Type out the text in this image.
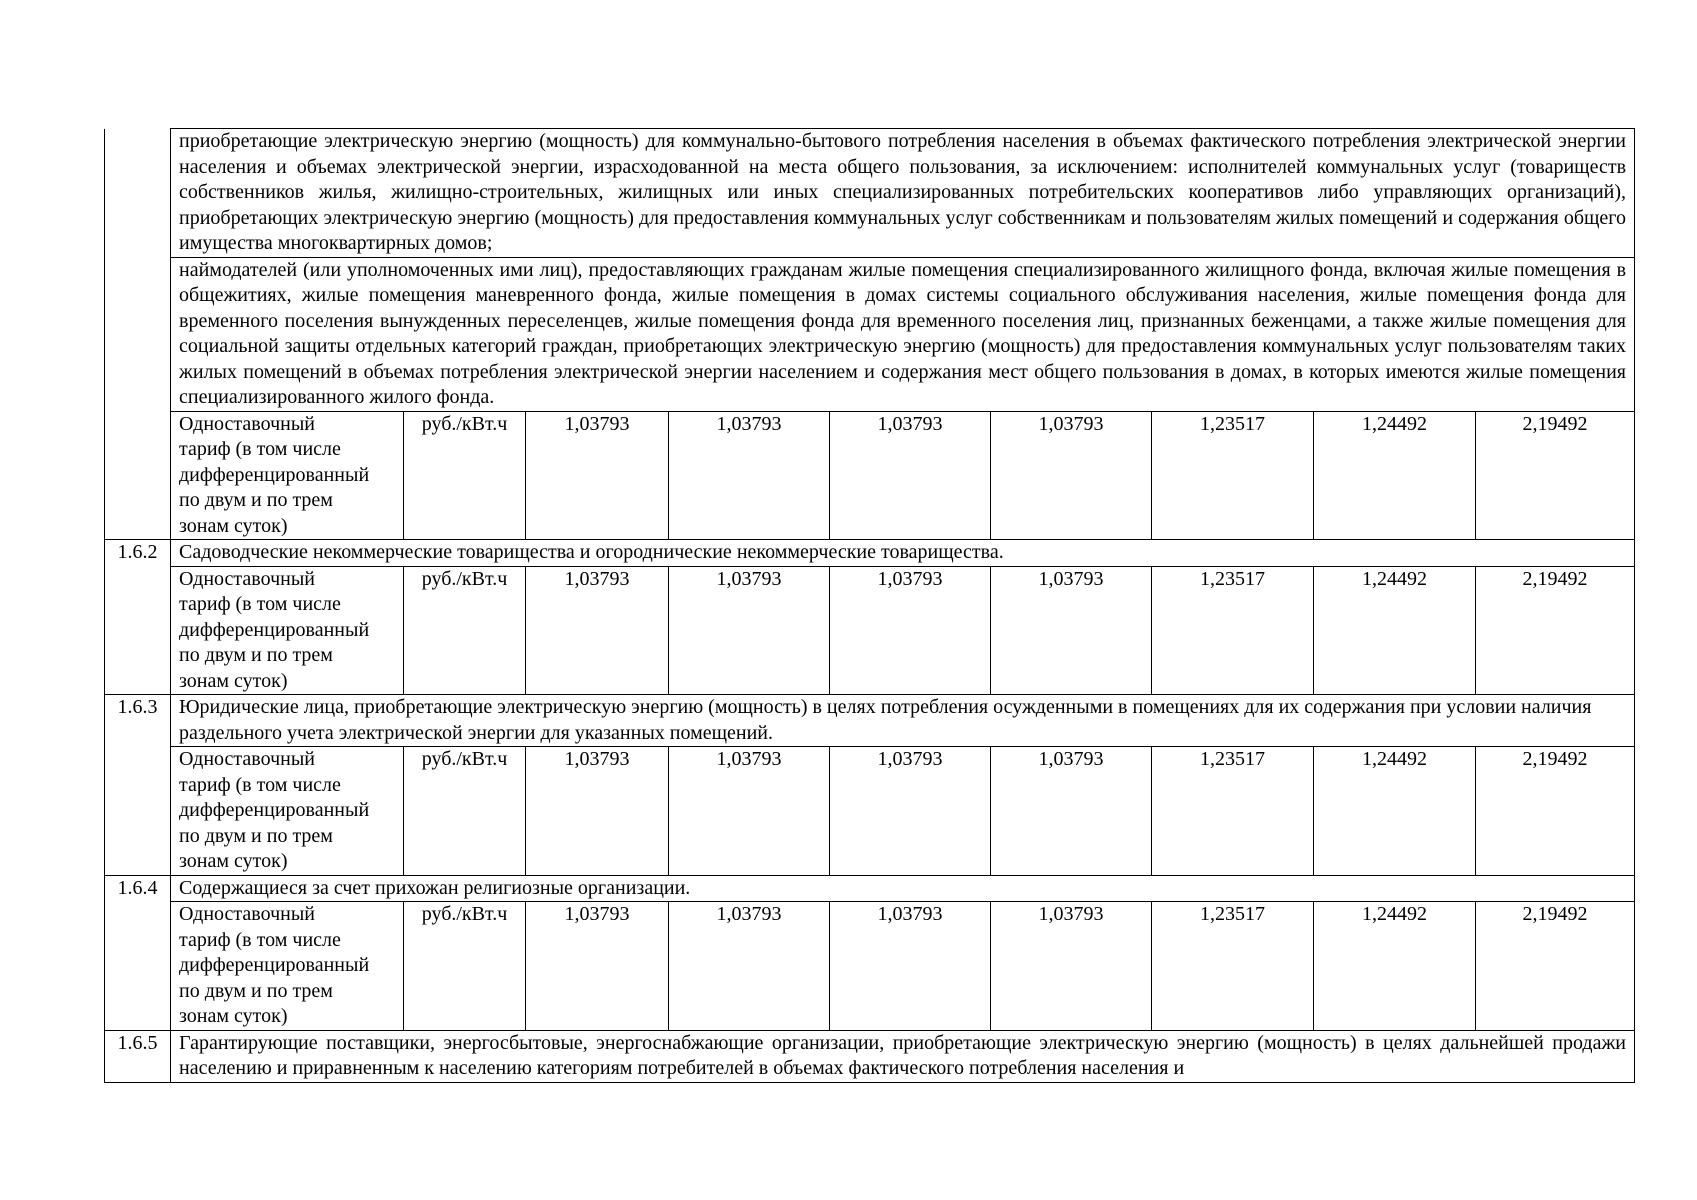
	приобретающие электрическую энергию (мощность) для коммунально-бытового потребления населения в объемах фактического потребления электрической энергии населения и объемах электрической энергии, израсходованной на места общего пользования, за исключением: исполнителей коммунальных услуг (товариществ собственников жилья, жилищно-строительных, жилищных или иных специализированных потребительских кооперативов либо управляющих организаций), приобретающих электрическую энергию (мощность) для предоставления коммунальных услуг собственникам и пользователям жилых помещений и содержания общего имущества многоквартирных домов;								
	наймодателей (или уполномоченных ими лиц), предоставляющих гражданам жилые помещения специализированного жилищного фонда, включая жилые помещения в общежитиях, жилые помещения маневренного фонда, жилые помещения в домах системы социального обслуживания населения, жилые помещения фонда для временного поселения вынужденных переселенцев, жилые помещения фонда для временного поселения лиц, признанных беженцами, а также жилые помещения для социальной защиты отдельных категорий граждан, приобретающих электрическую энергию (мощность) для предоставления коммунальных услуг пользователям таких жилых помещений в объемах потребления электрической энергии населением и содержания мест общего пользования в домах, в которых имеются жилые помещения специализированного жилого фонда.								

	Одноставочный
тариф (в том числе
дифференцированный
по двум и по трем
зонам суток)	руб./кВт.ч	1,03793	1,03793	1,03793	1,03793	1,23517	1,24492	2,19492
1.6.2	Садоводческие некоммерческие товарищества и огороднические некоммерческие товарищества.								

	Одноставочный
тариф (в том числе
дифференцированный
по двум и по трем
зонам суток)	руб./кВт.ч	1,03793	1,03793	1,03793	1,03793	1,23517	1,24492	2,19492
1.6.3	Юридические лица, приобретающие электрическую энергию (мощность) в целях потребления осужденными в помещениях для их содержания при условии наличия раздельного учета электрической энергии для указанных помещений.								

	Одноставочный
тариф (в том числе
дифференцированный
по двум и по трем
зонам суток)	руб./кВт.ч	1,03793	1,03793	1,03793	1,03793	1,23517	1,24492	2,19492
1.6.4	Содержащиеся за счет прихожан религиозные организации.								

	Одноставочный
тариф (в том числе
дифференцированный
по двум и по трем
зонам суток)	руб./кВт.ч	1,03793	1,03793	1,03793	1,03793	1,23517	1,24492	2,19492
1.6.5	Гарантирующие поставщики, энергосбытовые, энергоснабжающие организации, приобретающие электрическую энергию (мощность) в целях дальнейшей продажи населению и приравненным к населению категориям потребителей в объемах фактического потребления населения и								
